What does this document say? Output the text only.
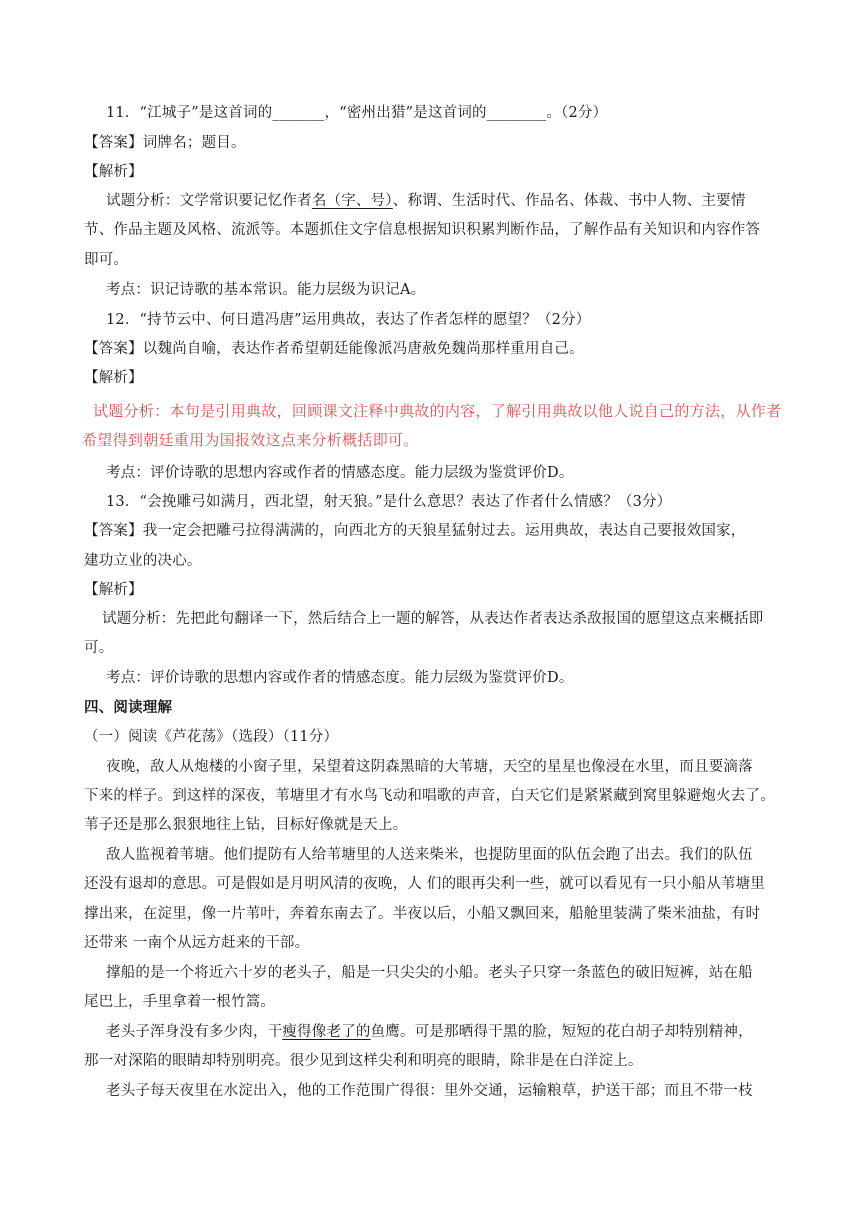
11．“江城子”是这首词的_______，“密州出猎”是这首词的________。（2分）
【答案】词牌名；题目。
【解析】
试题分析：文学常识要记忆作者名（字、号）、称谓、生活时代、作品名、体裁、书中人物、主要情
节、作品主题及风格、流派等。本题抓住文字信息根据知识积累判断作品，了解作品有关知识和内容作答
即可。
考点：识记诗歌的基本常识。能力层级为识记A。
12．“持节云中、何日遣冯唐”运用典故，表达了作者怎样的愿望？（2分）
【答案】以魏尚自喻，表达作者希望朝廷能像派冯唐赦免魏尚那样重用自己。
【解析】
试题分析：本句是引用典故，回顾课文注释中典故的内容，了解引用典故以他人说自己的方法，从作者
希望得到朝廷重用为国报效这点来分析概括即可。
考点：评价诗歌的思想内容或作者的情感态度。能力层级为鉴赏评价D。
13．“会挽雕弓如满月，西北望，射天狼。”是什么意思？表达了作者什么情感？（3分）
【答案】我一定会把雕弓拉得满满的，向西北方的天狼星猛射过去。运用典故，表达自己要报效国家，
建功立业的决心。
【解析】
试题分析：先把此句翻译一下，然后结合上一题的解答，从表达作者表达杀敌报国的愿望这点来概括即
可。
考点：评价诗歌的思想内容或作者的情感态度。能力层级为鉴赏评价D。
四、阅读理解
（一）阅读《芦花荡》（选段）（11分）
夜晚，敌人从炮楼的小窗子里，呆望着这阴森黑暗的大苇塘，天空的星星也像浸在水里，而且要滴落
下来的样子。到这样的深夜，苇塘里才有水鸟飞动和唱歌的声音，白天它们是紧紧藏到窝里躲避炮火去了。
苇子还是那么狠狠地往上钻，目标好像就是天上。
敌人监视着苇塘。他们提防有人给苇塘里的人送来柴米，也提防里面的队伍会跑了出去。我们的队伍
还没有退却的意思。可是假如是月明风清的夜晚，人 们的眼再尖利一些，就可以看见有一只小船从苇塘里
撑出来，在淀里，像一片苇叶，奔着东南去了。半夜以后，小船又飘回来，船舱里装满了柴米油盐，有时
还带来 一南个从远方赶来的干部。
撑船的是一个将近六十岁的老头子，船是一只尖尖的小船。老头子只穿一条蓝色的破旧短裤，站在船
尾巴上，手里拿着一根竹篙。
老头子浑身没有多少肉，干瘦得像老了的鱼鹰。可是那晒得干黑的脸，短短的花白胡子却特别精神，
那一对深陷的眼睛却特别明亮。很少见到这样尖利和明亮的眼睛，除非是在白洋淀上。
老头子每天夜里在水淀出入，他的工作范围广得很：里外交通，运输粮草，护送干部；而且不带一枝
